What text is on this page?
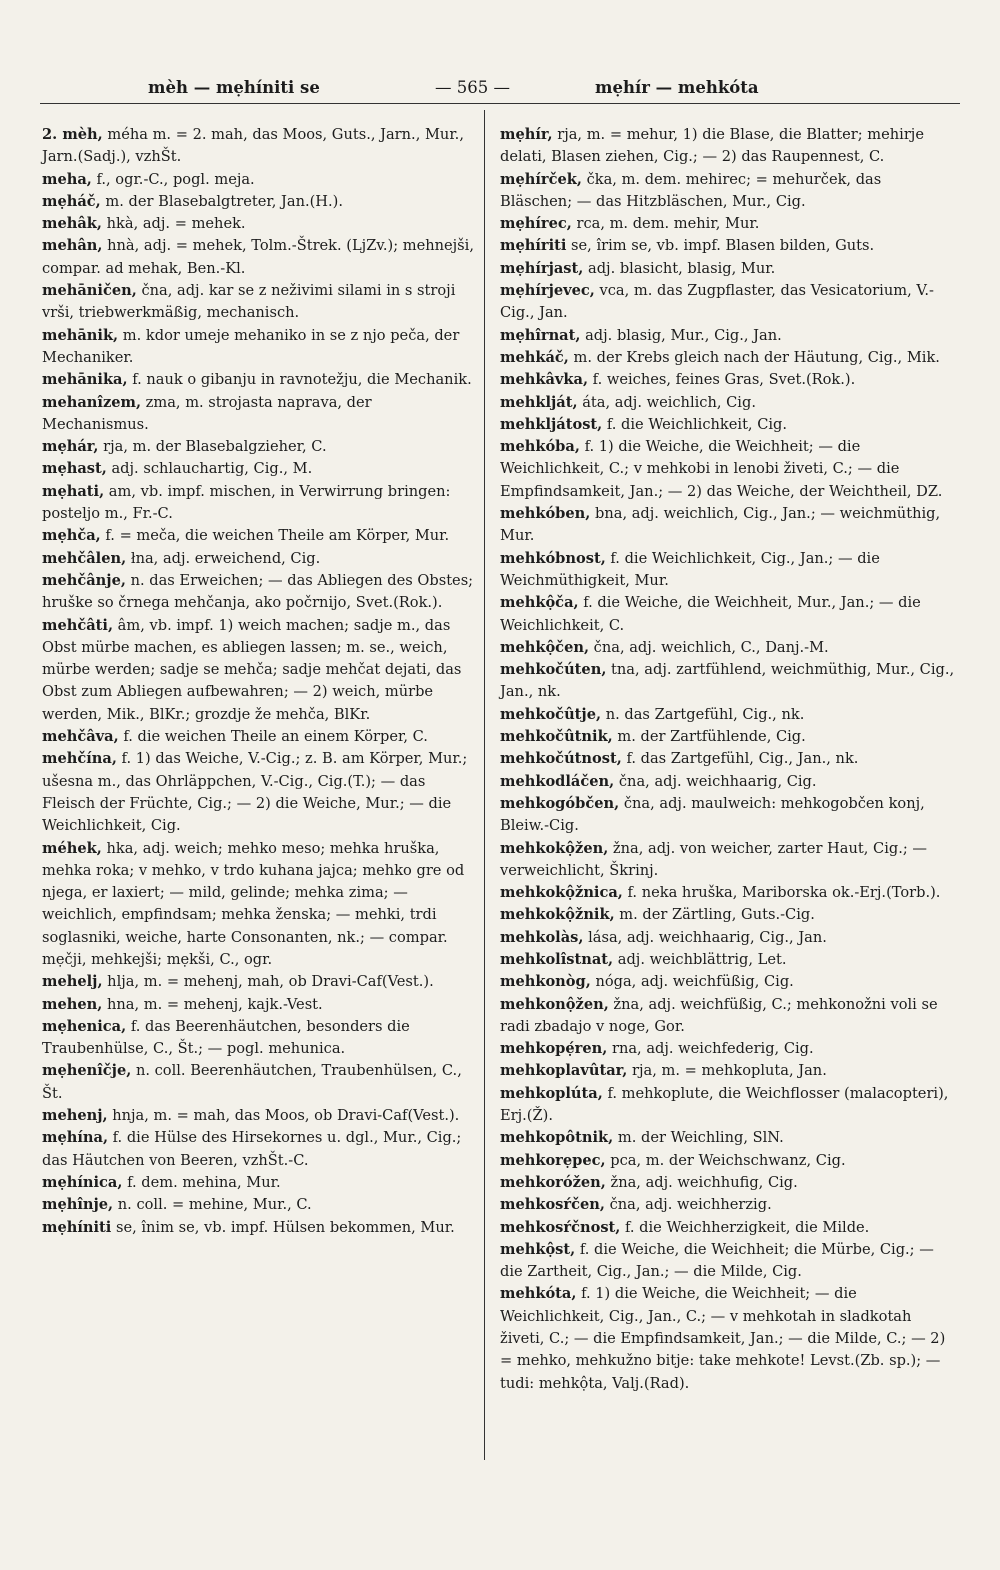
mèh — mẹhíniti se	— 565 —	mẹhír — mehkóta

2. mèh, méha m. = 2. mah, das Moos, Guts., Jarn., Mur., Jarn.(Sadj.), vzhŠt.

meha, f., ogr.-C., pogl. meja.

mẹháč, m. der Blasebalgtreter, Jan.(H.).

mehâk, hkà, adj. = mehek.

mehân, hnà, adj. = mehek, Tolm.-Štrek. (LjZv.); mehnejši, compar. ad mehak, Ben.-Kl.

mehāničen, čna, adj. kar se z neživimi silami in s stroji vrši, triebwerkmäßig, mechanisch.

mehānik, m. kdor umeje mehaniko in se z njo peča, der Mechaniker.

mehānika, f. nauk o gibanju in ravnotežju, die Mechanik.

mehanîzem, zma, m. strojasta naprava, der Mechanismus.

mẹhár, rja, m. der Blasebalgzieher, C.

mẹhast, adj. schlauchartig, Cig., M.

mẹhati, am, vb. impf. mischen, in Verwirrung bringen: posteljo m., Fr.-C.

mẹhča, f. = meča, die weichen Theile am Körper, Mur.

mehčâlen, łna, adj. erweichend, Cig.

mehčânje, n. das Erweichen; — das Abliegen des Obstes; hruške so črnega mehčanja, ako počrnijo, Svet.(Rok.).

mehčâti, âm, vb. impf. 1) weich machen; sadje m., das Obst mürbe machen, es abliegen lassen; m. se., weich, mürbe werden; sadje se mehča; sadje mehčat dejati, das Obst zum Abliegen aufbewahren; — 2) weich, mürbe werden, Mik., BlKr.; grozdje že mehča, BlKr.

mehčâva, f. die weichen Theile an einem Körper, C.

mehčína, f. 1) das Weiche, V.-Cig.; z. B. am Körper, Mur.; ušesna m., das Ohrläppchen, V.-Cig., Cig.(T.); — das Fleisch der Früchte, Cig.; — 2) die Weiche, Mur.; — die Weichlichkeit, Cig.

méhek, hka, adj. weich; mehko meso; mehka hruška, mehka roka; v mehko, v trdo kuhana jajca; mehko gre od njega, er laxiert; — mild, gelinde; mehka zima; — weichlich, empfindsam; mehka ženska; — mehki, trdi soglasniki, weiche, harte Consonanten, nk.; — compar. mẹčji, mehkejši; mẹkši, C., ogr.

mehelj, hlja, m. = mehenj, mah, ob Dravi-Caf(Vest.).

mehen, hna, m. = mehenj, kajk.-Vest.

mẹhenica, f. das Beerenhäutchen, besonders die Traubenhülse, C., Št.; — pogl. mehunica.

mẹhenîčje, n. coll. Beerenhäutchen, Traubenhülsen, C., Št.

mehenj, hnja, m. = mah, das Moos, ob Dravi-Caf(Vest.).

mẹhína, f. die Hülse des Hirsekornes u. dgl., Mur., Cig.; das Häutchen von Beeren, vzhŠt.-C.

mẹhínica, f. dem. mehina, Mur.

mẹhînje, n. coll. = mehine, Mur., C.

mẹhíniti se, înim se, vb. impf. Hülsen bekommen, Mur.

mẹhír, rja, m. = mehur, 1) die Blase, die Blatter; mehirje delati, Blasen ziehen, Cig.; — 2) das Raupennest, C.

mẹhírček, čka, m. dem. mehirec; = mehurček, das Bläschen; — das Hitzbläschen, Mur., Cig.

mẹhírec, rca, m. dem. mehir, Mur.

mẹhíriti se, îrim se, vb. impf. Blasen bilden, Guts.

mẹhírjast, adj. blasicht, blasig, Mur.

mẹhírjevec, vca, m. das Zugpflaster, das Vesicatorium, V.-Cig., Jan.

mẹhîrnat, adj. blasig, Mur., Cig., Jan.

mehkáč, m. der Krebs gleich nach der Häutung, Cig., Mik.

mehkâvka, f. weiches, feines Gras, Svet.(Rok.).

mehklját, áta, adj. weichlich, Cig.

mehkljátost, f. die Weichlichkeit, Cig.

mehkóba, f. 1) die Weiche, die Weichheit; — die Weichlichkeit, C.; v mehkobi in lenobi živeti, C.; — die Empfindsamkeit, Jan.; — 2) das Weiche, der Weichtheil, DZ.

mehkóben, bna, adj. weichlich, Cig., Jan.; — weichmüthig, Mur.

mehkóbnost, f. die Weichlichkeit, Cig., Jan.; — die Weichmüthigkeit, Mur.

mehkộča, f. die Weiche, die Weichheit, Mur., Jan.; — die Weichlichkeit, C.

mehkộčen, čna, adj. weichlich, C., Danj.-M.

mehkočúten, tna, adj. zartfühlend, weichmüthig, Mur., Cig., Jan., nk.

mehkočûtje, n. das Zartgefühl, Cig., nk.

mehkočûtnik, m. der Zartfühlende, Cig.

mehkočútnost, f. das Zartgefühl, Cig., Jan., nk.

mehkodláčen, čna, adj. weichhaarig, Cig.

mehkogóbčen, čna, adj. maulweich: mehkogobčen konj, Bleiw.-Cig.

mehkokộžen, žna, adj. von weicher, zarter Haut, Cig.; — verweichlicht, Škrinj.

mehkokộžnica, f. neka hruška, Mariborska ok.-Erj.(Torb.).

mehkokộžnik, m. der Zärtling, Guts.-Cig.

mehkolàs, lása, adj. weichhaarig, Cig., Jan.

mehkolîstnat, adj. weichblättrig, Let.

mehkonòg, nóga, adj. weichfüßig, Cig.

mehkonộžen, žna, adj. weichfüßig, C.; mehkonožni voli se radi zbadajo v noge, Gor.

mehkopẹ́ren, rna, adj. weichfederig, Cig.

mehkoplavûtar, rja, m. = mehkopluta, Jan.

mehkoplúta, f. mehkoplute, die Weichflosser (malacopteri), Erj.(Ž).

mehkopôtnik, m. der Weichling, SlN.

mehkorẹpec, pca, m. der Weichschwanz, Cig.

mehkoróžen, žna, adj. weichhufig, Cig.

mehkosŕčen, čna, adj. weichherzig.

mehkosŕčnost, f. die Weichherzigkeit, die Milde.

mehkộst, f. die Weiche, die Weichheit; die Mürbe, Cig.; — die Zartheit, Cig., Jan.; — die Milde, Cig.

mehkóta, f. 1) die Weiche, die Weichheit; — die Weichlichkeit, Cig., Jan., C.; — v mehkotah in sladkotah živeti, C.; — die Empfindsamkeit, Jan.; — die Milde, C.; — 2) = mehko, mehkužno bitje: take mehkote! Levst.(Zb. sp.); — tudi: mehkộta, Valj.(Rad).
